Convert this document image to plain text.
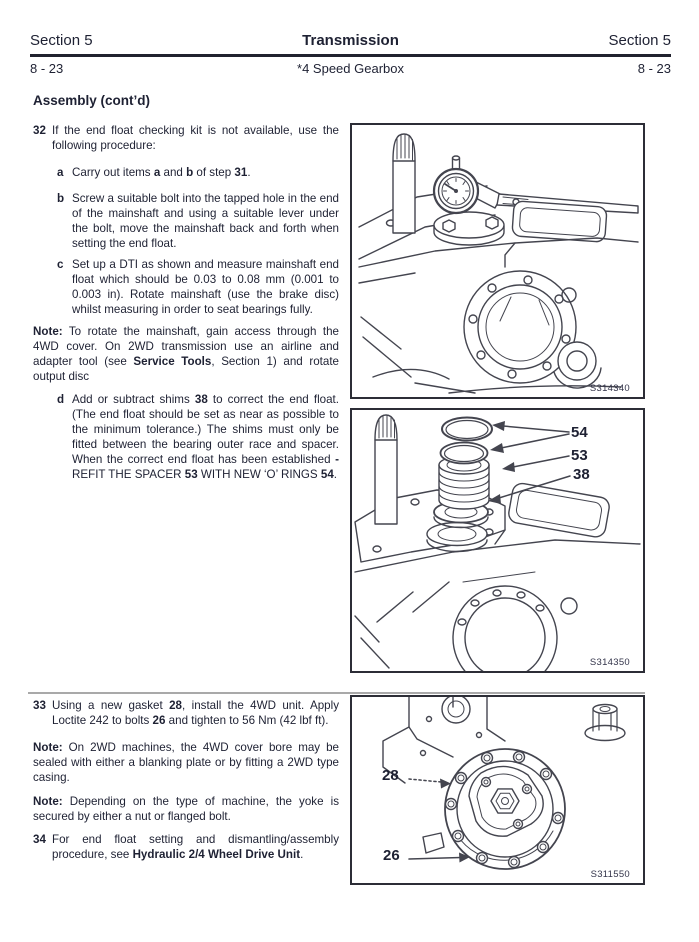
Section 5	Transmission	Section 5
8 - 23	*4 Speed Gearbox	8 - 23
Assembly (cont’d)
32 If the end float checking kit is not available, use the following procedure:
a Carry out items a and b of step 31.
b Screw a suitable bolt into the tapped hole in the end of the mainshaft and using a suitable lever under the bolt, move the mainshaft back and forth when setting the end float.
c Set up a DTI as shown and measure mainshaft end float which should be 0.03 to 0.08 mm (0.001 to 0.003 in). Rotate mainshaft (use the brake disc) whilst measuring in order to seat bearings fully.
Note: To rotate the mainshaft, gain access through the 4WD cover. On 2WD transmission use an airline and adapter tool (see Service Tools, Section 1) and rotate output disc
d Add or subtract shims 38 to correct the end float. (The end float should be set as near as possible to the minimum tolerance.) The shims must only be fitted between the bearing outer race and spacer. When the correct end float has been established - REFIT THE SPACER 53 WITH NEW ‘O’ RINGS 54.
33 Using a new gasket 28, install the 4WD unit. Apply Loctite 242 to bolts 26 and tighten to 56 Nm (42 lbf ft).
Note: On 2WD machines, the 4WD cover bore may be sealed with either a blanking plate or by fitting a 2WD type casing.
Note: Depending on the type of machine, the yoke is secured by either a nut or flanged bolt.
34 For end float setting and dismantling/assembly procedure, see Hydraulic 2/4 Wheel Drive Unit.
S314340
54
53
38
S314350
28
26
S311550
